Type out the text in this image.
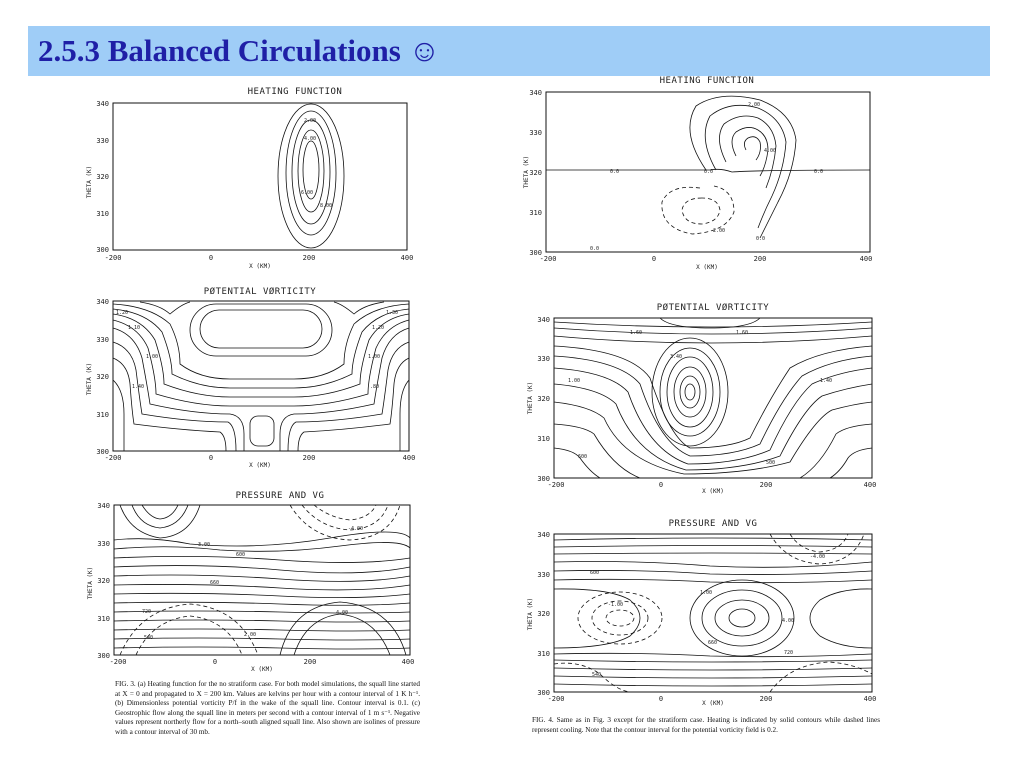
2.5.3 Balanced Circulations ☺
HEATING FUNCTION
2.00
4.00
6.00
8.00
340
330
320
310
300
-200	0	200	400
X (KM)
THETA (K)
PØTENTIAL VØRTICITY
1.20
1.10
1.00
1.20
1.00
.80
1.40
1.30
340
330
320
310
300
-200	0	200	400
X (KM)
THETA (K)
PRESSURE AND VG
600
660
720
540
-4.00
3.00
4.00
2.00
340
330
320
310
300
-200	0	200	400
X (KM)
THETA (K)

FIG. 3. (a) Heating function for the no stratiform case. For both model simulations, the squall line started at X = 0 and propagated to X = 200 km. Values are kelvins per hour with a contour interval of 1 K h⁻¹. (b) Dimensionless potential vorticity P/f in the wake of the squall line. Contour interval is 0.1. (c) Geostrophic flow along the squall line in meters per second with a contour interval of 1 m s⁻¹. Negative values represent northerly flow for a north–south aligned squall line. Also shown are isolines of pressure with a contour interval of 30 mb.

HEATING FUNCTION
2.00
4.00
0.0
-2.00
0.0	0.0
0.0
0.0
340
330
320
310
300
-200	0	200	400
X (KM)
THETA (K)
PØTENTIAL VØRTICITY
1.60	1.60
1.00
600
3.40
1.40
500
340
330
320
310
300
-200	0	200	400
X (KM)
THETA (K)
PRESSURE AND VG
600
-1.00
4.00
720
-4.00
1.00
660
540
340
330
320
310
300
-200	0	200	400
X (KM)
THETA (K)

FIG. 4. Same as in Fig. 3 except for the stratiform case. Heating is indicated by solid contours while dashed lines represent cooling. Note that the contour interval for the potential vorticity field is 0.2.
